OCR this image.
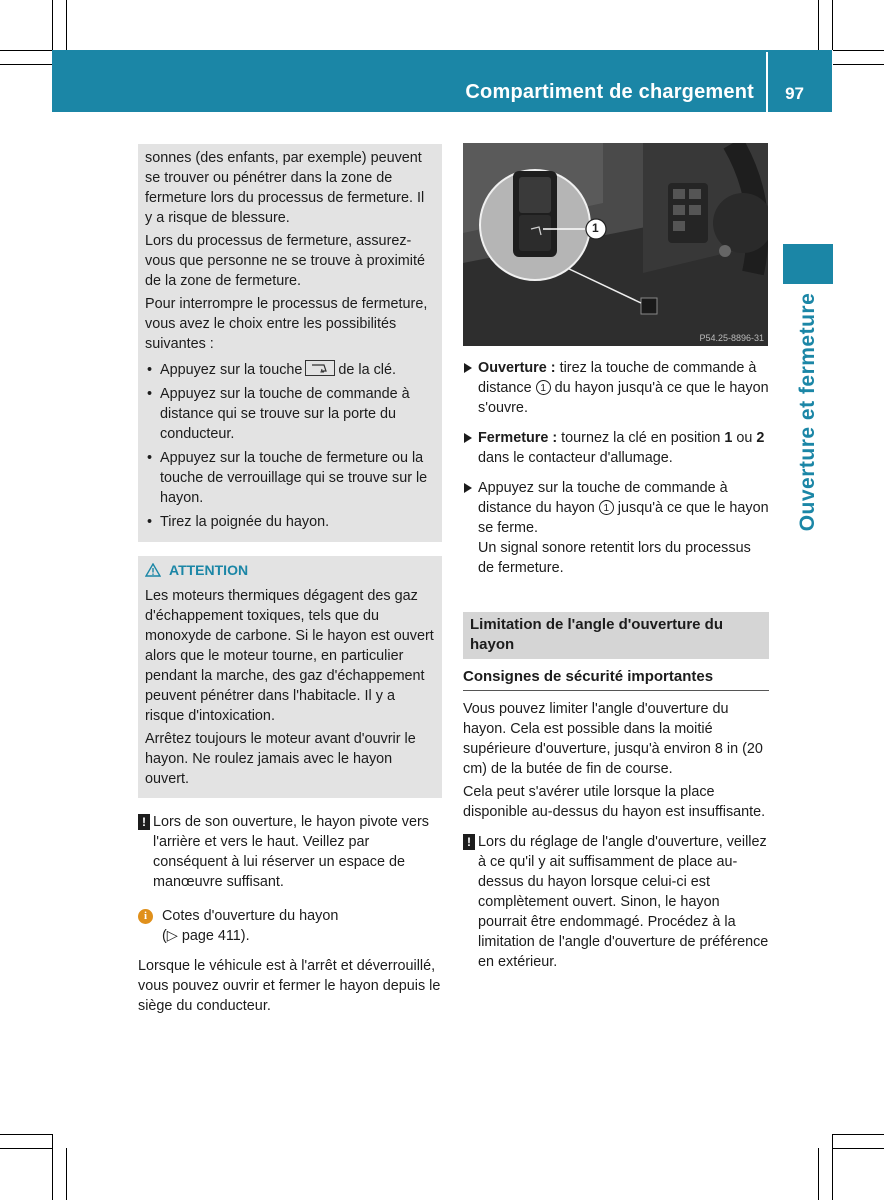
Compartiment de chargement 97
Ouverture et fermeture

sonnes (des enfants, par exemple) peuvent se trouver ou pénétrer dans la zone de fermeture lors du processus de fermeture. Il y a risque de blessure.

Lors du processus de fermeture, assurez-vous que personne ne se trouve à proximité de la zone de fermeture.

Pour interrompre le processus de fermeture, vous avez le choix entre les possibilités suivantes :

• Appuyez sur la touche	de la clé.
• Appuyez sur la touche de commande à distance qui se trouve sur la porte du conducteur.
• Appuyez sur la touche de fermeture ou la touche de verrouillage qui se trouve sur le hayon.
• Tirez la poignée du hayon.
ATTENTION

Les moteurs thermiques dégagent des gaz d'échappement toxiques, tels que du monoxyde de carbone. Si le hayon est ouvert alors que le moteur tourne, en particulier pendant la marche, des gaz d'échappement peuvent pénétrer dans l'habitacle. Il y a risque d'intoxication.

Arrêtez toujours le moteur avant d'ouvrir le hayon. Ne roulez jamais avec le hayon ouvert.

! Lors de son ouverture, le hayon pivote vers l'arrière et vers le haut. Veillez par conséquent à lui réserver un espace de manœuvre suffisant.
i	Cotes d'ouverture du hayon
(▷ page 411).

Lorsque le véhicule est à l'arrêt et déverrouillé, vous pouvez ouvrir et fermer le hayon depuis le siège du conducteur.

1
P54.25-8896-31
Ouverture : tirez la touche de commande à distance 1 du hayon jusqu'à ce que le hayon s'ouvre.
Fermeture : tournez la clé en position 1 ou 2 dans le contacteur d'allumage.
Appuyez sur la touche de commande à distance du hayon 1 jusqu'à ce que le hayon se ferme.
Un signal sonore retentit lors du processus de fermeture.
Limitation de l'angle d'ouverture du hayon
Consignes de sécurité importantes

Vous pouvez limiter l'angle d'ouverture du hayon. Cela est possible dans la moitié supérieure d'ouverture, jusqu'à environ 8 in (20 cm) de la butée de fin de course.

Cela peut s'avérer utile lorsque la place disponible au-dessus du hayon est insuffisante.

! Lors du réglage de l'angle d'ouverture, veillez à ce qu'il y ait suffisamment de place au-dessus du hayon lorsque celui-ci est complètement ouvert. Sinon, le hayon pourrait être endommagé. Procédez à la limitation de l'angle d'ouverture de préférence en extérieur.
